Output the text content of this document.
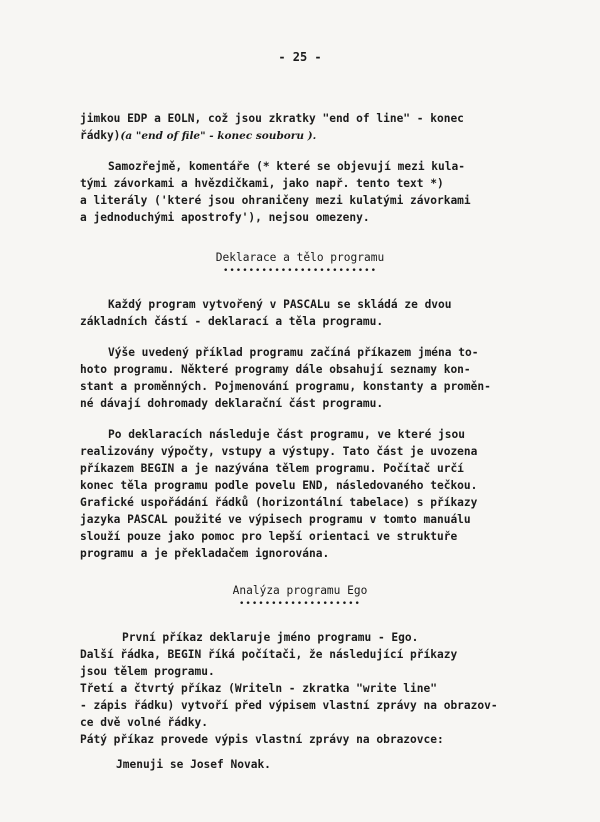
- 25 -
jimkou EDP a EOLN, což jsou zkratky "end of line" - konec
řádky)(a "end of file" - konec souboru ).
Samozřejmě, komentáře (* které se objevují mezi kula-
tými závorkami a hvězdičkami, jako např. tento text *)
a literály ('které jsou ohraničeny mezi kulatými závorkami
a jednoduchými apostrofy'), nejsou omezeny.
Deklarace a tělo programu
••••••••••••••••••••••••
Každý program vytvořený v PASCALu se skládá ze dvou
základních částí - deklarací a těla programu.
Výše uvedený příklad programu začíná příkazem jména to-
hoto programu. Některé programy dále obsahují seznamy kon-
stant a proměnných. Pojmenování programu, konstanty a proměn-
né dávají dohromady deklarační část programu.
Po deklaracích následuje část programu, ve které jsou
realizovány výpočty, vstupy a výstupy. Tato část je uvozena
příkazem BEGIN a je nazývána tělem programu. Počítač určí
konec těla programu podle povelu END, následovaného tečkou.
Grafické uspořádání řádků (horizontální tabelace) s příkazy
jazyka PASCAL použité ve výpisech programu v tomto manuálu
slouží pouze jako pomoc pro lepší orientaci ve struktuře
programu a je překladačem ignorována.
Analýza programu Ego
•••••••••••••••••••
První příkaz deklaruje jméno programu - Ego.
Další řádka, BEGIN říká počítači, že následující příkazy
jsou tělem programu.
Třetí a čtvrtý příkaz (Writeln - zkratka "write line"
- zápis řádku) vytvoří před výpisem vlastní zprávy na obrazov-
ce dvě volné řádky.
Pátý příkaz provede výpis vlastní zprávy na obrazovce:
Jmenuji se Josef Novak.
